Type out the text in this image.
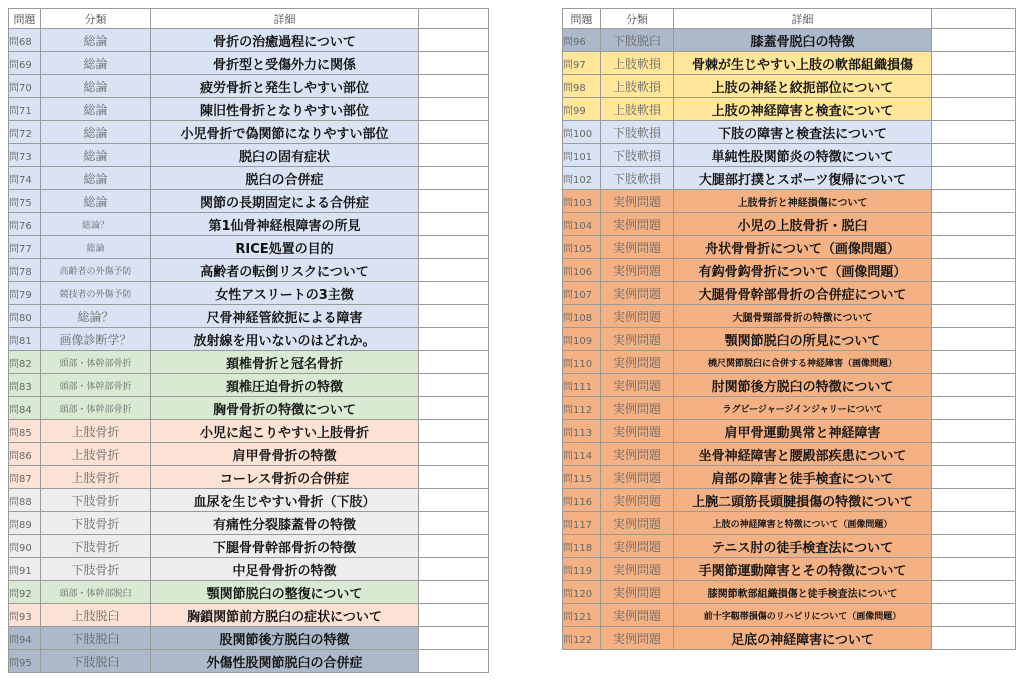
問題	分類	詳細	
問68	総論	骨折の治癒過程について	
問69	総論	骨折型と受傷外力に関係	
問70	総論	疲労骨折と発生しやすい部位	
問71	総論	陳旧性骨折となりやすい部位	
問72	総論	小児骨折で偽関節になりやすい部位	
問73	総論	脱臼の固有症状	
問74	総論	脱臼の合併症	
問75	総論	関節の長期固定による合併症	
問76	総論？	第1仙骨神経根障害の所見	
問77	総論	RICE処置の目的	
問78	高齢者の外傷予防	高齢者の転倒リスクについて	
問79	競技者の外傷予防	女性アスリートの3主徴	
問80	総論？	尺骨神経管絞扼による障害	
問81	画像診断学？	放射線を用いないのはどれか。	
問82	頭部・体幹部骨折	頚椎骨折と冠名骨折	
問83	頭部・体幹部骨折	頚椎圧迫骨折の特徴	
問84	頭部・体幹部骨折	胸骨骨折の特徴について	
問85	上肢骨折	小児に起こりやすい上肢骨折	
問86	上肢骨折	肩甲骨骨折の特徴	
問87	上肢骨折	コーレス骨折の合併症	
問88	下肢骨折	血尿を生じやすい骨折（下肢）	
問89	下肢骨折	有痛性分裂膝蓋骨の特徴	
問90	下肢骨折	下腿骨骨幹部骨折の特徴	
問91	下肢骨折	中足骨骨折の特徴	
問92	頭部・体幹部脱臼	顎関節脱臼の整復について	
問93	上肢脱臼	胸鎖関節前方脱臼の症状について	
問94	下肢脱臼	股関節後方脱臼の特徴	
問95	下肢脱臼	外傷性股関節脱臼の合併症	
問題	分類	詳細	
問96	下肢脱臼	膝蓋骨脱臼の特徴	
問97	上肢軟損	骨棘が生じやすい上肢の軟部組織損傷	
問98	上肢軟損	上肢の神経と絞扼部位について	
問99	上肢軟損	上肢の神経障害と検査について	
問100	下肢軟損	下肢の障害と検査法について	
問101	下肢軟損	単純性股関節炎の特徴について	
問102	下肢軟損	大腿部打撲とスポーツ復帰について	
問103	実例問題	上肢骨折と神経損傷について	
問104	実例問題	小児の上肢骨折・脱臼	
問105	実例問題	舟状骨骨折について（画像問題）	
問106	実例問題	有鈎骨鈎骨折について（画像問題）	
問107	実例問題	大腿骨骨幹部骨折の合併症について	
問108	実例問題	大腿骨頸部骨折の特徴について	
問109	実例問題	顎関節脱臼の所見について	
問110	実例問題	橈尺関節脱臼に合併する神経障害（画像問題）	
問111	実例問題	肘関節後方脱臼の特徴について	
問112	実例問題	ラグビージャージインジャリーについて	
問113	実例問題	肩甲骨運動異常と神経障害	
問114	実例問題	坐骨神経障害と腰殿部疾患について	
問115	実例問題	肩部の障害と徒手検査について	
問116	実例問題	上腕二頭筋長頭腱損傷の特徴について	
問117	実例問題	上肢の神経障害と特徴について（画像問題）	
問118	実例問題	テニス肘の徒手検査法について	
問119	実例問題	手関節運動障害とその特徴について	
問120	実例問題	膝関節軟部組織損傷と徒手検査法について	
問121	実例問題	前十字靱帯損傷のリハビリについて（画像問題）	
問122	実例問題	足底の神経障害について	
